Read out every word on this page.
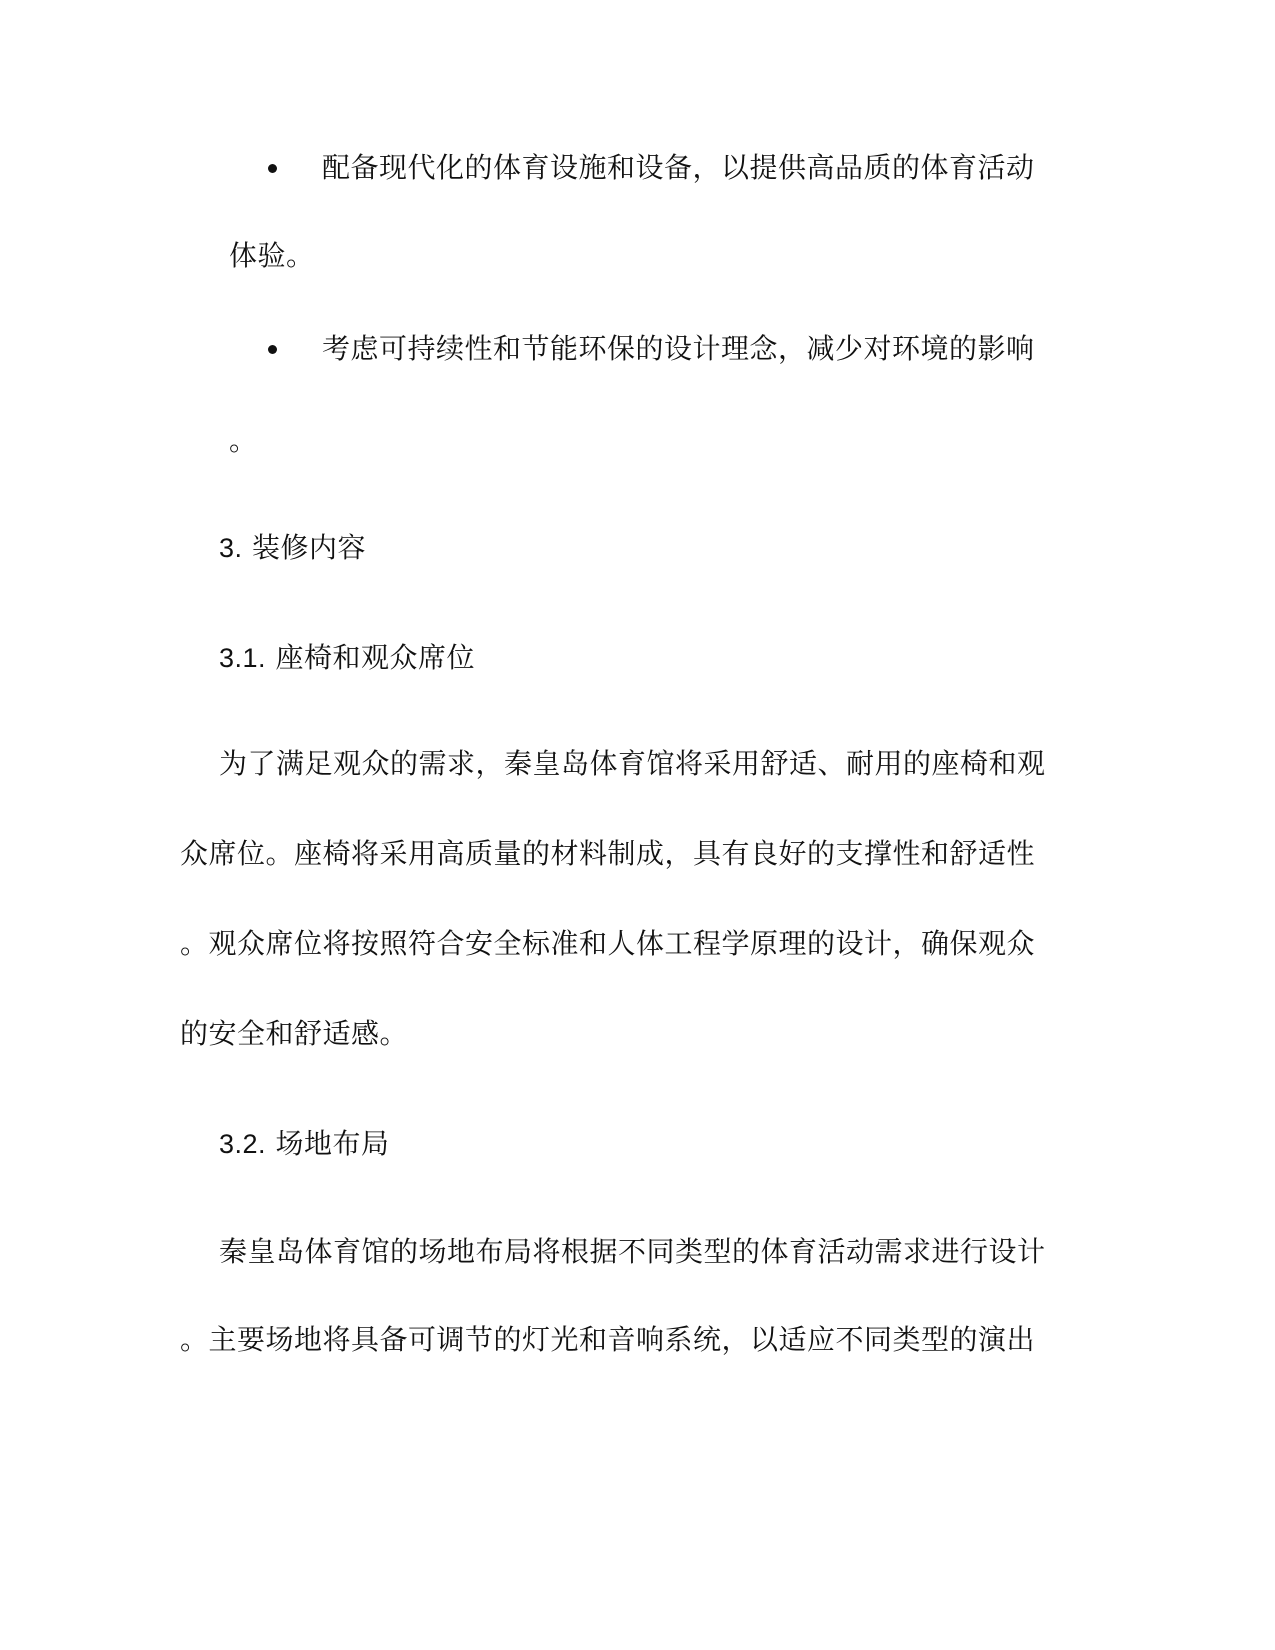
配备现代化的体育设施和设备，以提供高品质的体育活动
体验。
考虑可持续性和节能环保的设计理念，减少对环境的影响
。
3. 装修内容
3.1. 座椅和观众席位
为了满足观众的需求，秦皇岛体育馆将采用舒适、耐用的座椅和观
众席位。座椅将采用高质量的材料制成，具有良好的支撑性和舒适性
。观众席位将按照符合安全标准和人体工程学原理的设计，确保观众
的安全和舒适感。
3.2. 场地布局
秦皇岛体育馆的场地布局将根据不同类型的体育活动需求进行设计
。主要场地将具备可调节的灯光和音响系统，以适应不同类型的演出
